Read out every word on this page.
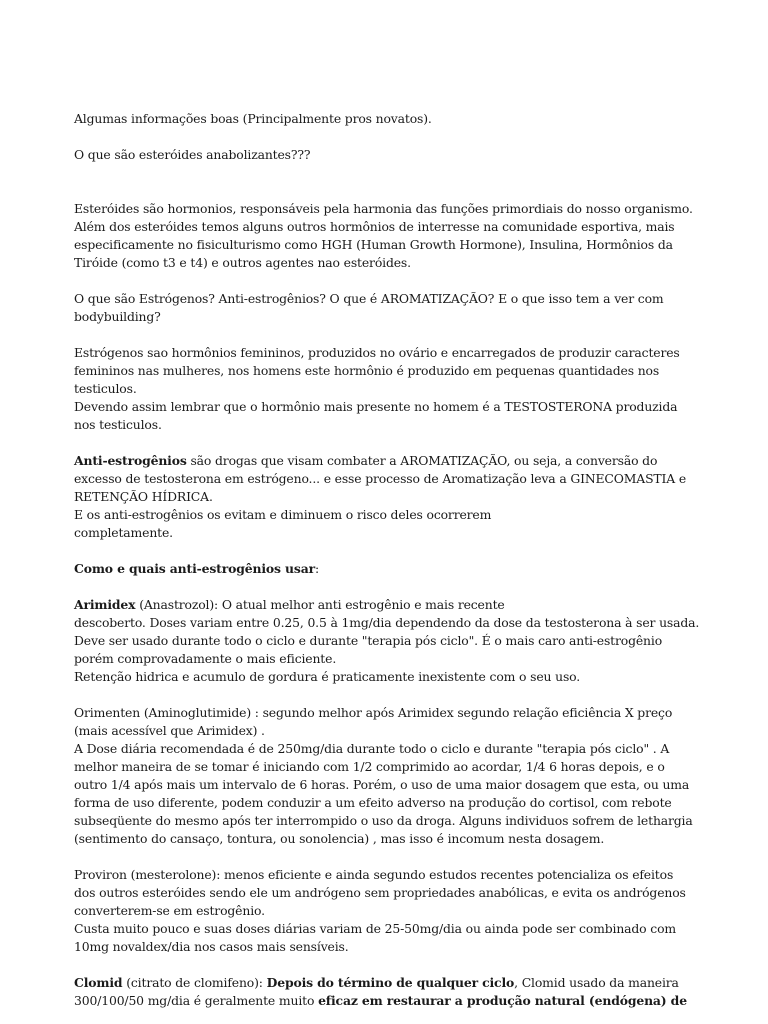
Algumas informações boas (Principalmente pros novatos).

O que são esteróides anabolizantes???

Esteróides são hormonios, responsáveis pela harmonia das funções primordiais do nosso organismo.
Além dos esteróides temos alguns outros hormônios de interresse na comunidade esportiva, mais
especificamente no fisiculturismo como HGH (Human Growth Hormone), Insulina, Hormônios da
Tiróide (como t3 e t4) e outros agentes nao esteróides.

O que são Estrógenos? Anti-estrogênios? O que é AROMATIZAÇÃO? E o que isso tem a ver com
bodybuilding?

Estrógenos sao hormônios femininos, produzidos no ovário e encarregados de produzir caracteres
femininos nas mulheres, nos homens este hormônio é produzido em pequenas quantidades nos
testiculos.
Devendo assim lembrar que o hormônio mais presente no homem é a TESTOSTERONA produzida
nos testiculos.

Anti-estrogênios são drogas que visam combater a AROMATIZAÇÃO, ou seja, a conversão do
excesso de testosterona em estrógeno... e esse processo de Aromatização leva a GINECOMASTIA e
RETENÇÃO HÍDRICA.
E os anti-estrogênios os evitam e diminuem o risco deles ocorrerem
completamente.

Como e quais anti-estrogênios usar:

Arimidex (Anastrozol): O atual melhor anti estrogênio e mais recente
descoberto. Doses variam entre 0.25, 0.5 à 1mg/dia dependendo da dose da testosterona à ser usada.
Deve ser usado durante todo o ciclo e durante "terapia pós ciclo". É o mais caro anti-estrogênio
porém comprovadamente o mais eficiente.
Retenção hidrica e acumulo de gordura é praticamente inexistente com o seu uso.

Orimenten (Aminoglutimide) : segundo melhor após Arimidex segundo relação eficiência X preço
(mais acessível que Arimidex) .
A Dose diária recomendada é de 250mg/dia durante todo o ciclo e durante "terapia pós ciclo" . A
melhor maneira de se tomar é iniciando com 1/2 comprimido ao acordar, 1/4 6 horas depois, e o
outro 1/4 após mais um intervalo de 6 horas. Porém, o uso de uma maior dosagem que esta, ou uma
forma de uso diferente, podem conduzir a um efeito adverso na produção do cortisol, com rebote
subseqüente do mesmo após ter interrompido o uso da droga. Alguns individuos sofrem de lethargia
(sentimento do cansaço, tontura, ou sonolencia) , mas isso é incomum nesta dosagem.

Proviron (mesterolone): menos eficiente e ainda segundo estudos recentes potencializa os efeitos
dos outros esteróides sendo ele um andrógeno sem propriedades anabólicas, e evita os andrógenos
converterem-se em estrogênio.
Custa muito pouco e suas doses diárias variam de 25-50mg/dia ou ainda pode ser combinado com
10mg novaldex/dia nos casos mais sensíveis.

Clomid (citrato de clomifeno): Depois do término de qualquer ciclo, Clomid usado da maneira
300/100/50 mg/dia é geralmente muito eficaz em restaurar a produção natural (endógena) de
